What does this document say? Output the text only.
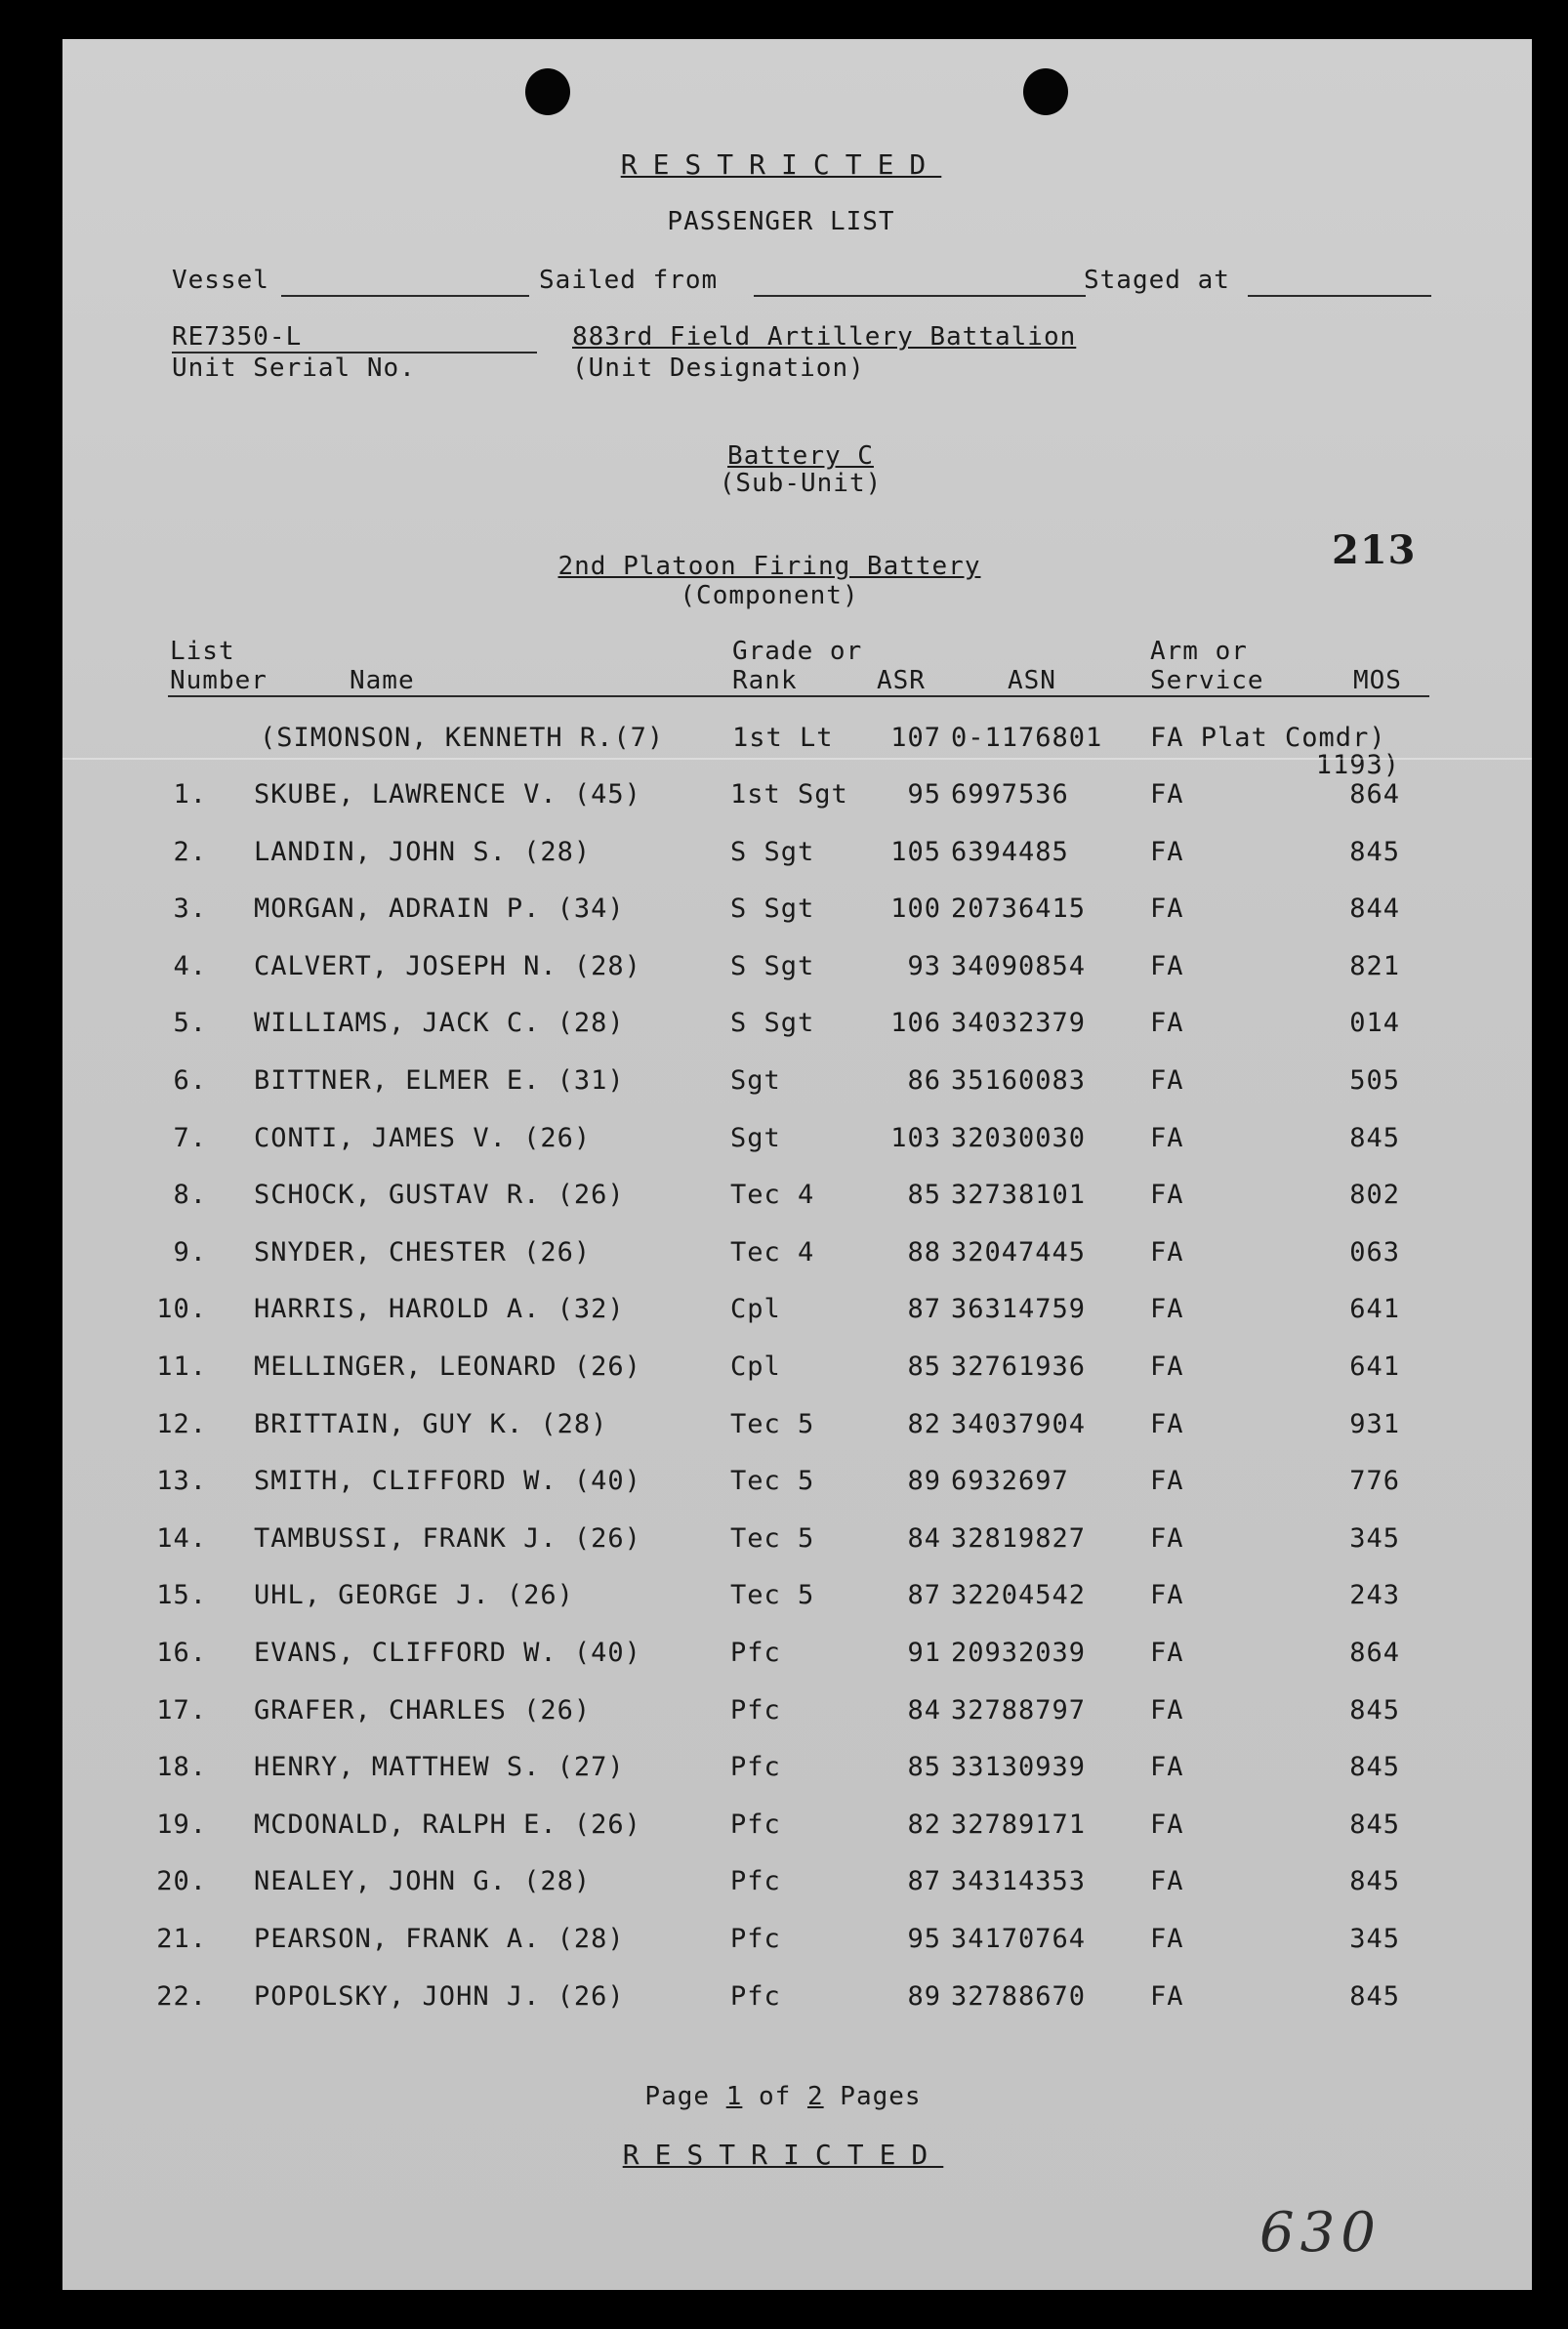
RESTRICTED
PASSENGER LIST
Vessel	Sailed from	Staged at
RE7350-L
Unit Serial No.
883rd Field Artillery Battalion
(Unit Designation)
Battery C
(Sub-Unit)
213
2nd Platoon Firing Battery
(Component)
List
Number	Name
Grade or
Rank	ASR	ASN
Arm or
Service	MOS
(SIMONSON, KENNETH R.(7)	1st Lt	107 0-1176801 FA Plat Comdr)
1193)
1. SKUBE, LAWRENCE V. (45)	1st Sgt	95 6997536	FA	864
2. LANDIN, JOHN S. (28)	S Sgt	105 6394485	FA	845
3. MORGAN, ADRAIN P. (34)	S Sgt	100 20736415 FA	844
4. CALVERT, JOSEPH N. (28)	S Sgt	93 34090854 FA	821
5. WILLIAMS, JACK C. (28)	S Sgt	106 34032379 FA	014
6. BITTNER, ELMER E. (31)	Sgt	86 35160083 FA	505
7. CONTI, JAMES V. (26)	Sgt	103 32030030 FA	845
8. SCHOCK, GUSTAV R. (26)	Tec 4	85 32738101 FA	802
9. SNYDER, CHESTER (26)	Tec 4	88 32047445 FA	063
10. HARRIS, HAROLD A. (32)	Cpl	87 36314759 FA	641
11. MELLINGER, LEONARD (26)	Cpl	85 32761936 FA	641
12. BRITTAIN, GUY K. (28)	Tec 5	82 34037904 FA	931
13. SMITH, CLIFFORD W. (40)	Tec 5	89 6932697	FA	776
14. TAMBUSSI, FRANK J. (26)	Tec 5	84 32819827 FA	345
15. UHL, GEORGE J. (26)	Tec 5	87 32204542 FA	243
16. EVANS, CLIFFORD W. (40)	Pfc	91 20932039 FA	864
17. GRAFER, CHARLES (26)	Pfc	84 32788797 FA	845
18. HENRY, MATTHEW S. (27)	Pfc	85 33130939 FA	845
19. MCDONALD, RALPH E. (26)	Pfc	82 32789171 FA	845
20. NEALEY, JOHN G. (28)	Pfc	87 34314353 FA	845
21. PEARSON, FRANK A. (28)	Pfc	95 34170764 FA	345
22. POPOLSKY, JOHN J. (26)	Pfc	89 32788670 FA	845
Page 1 of 2 Pages
RESTRICTED
630
